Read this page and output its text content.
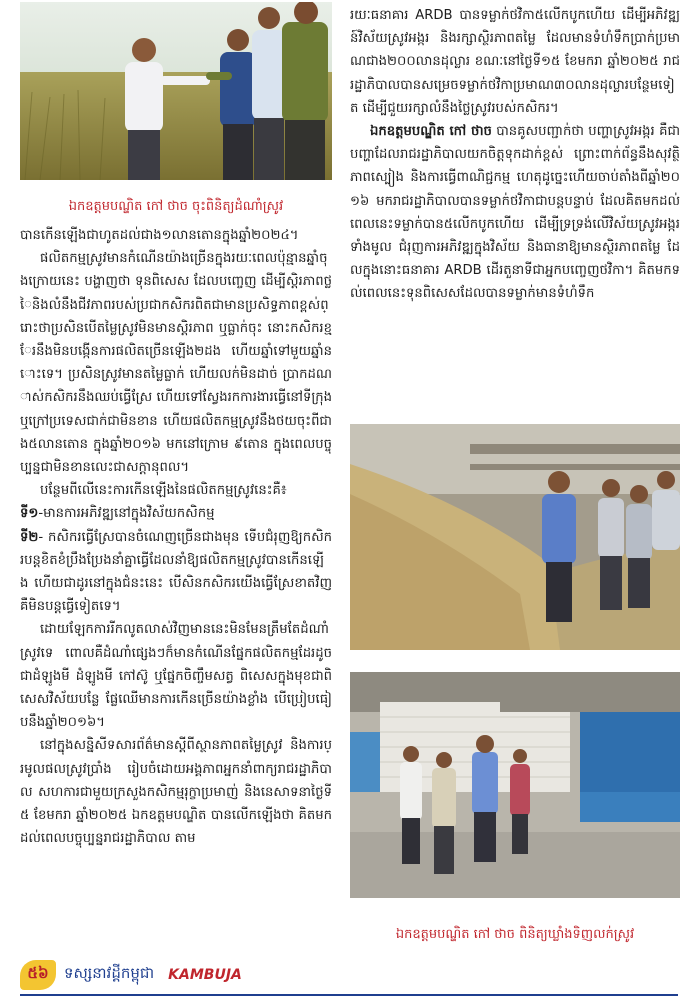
ឯកឧត្តមបណ្ឌិត កៅ ថាច ចុះពិនិត្យដំណាំស្រូវ

បានកើនឡើងជាហូតដល់ជាង១លានតោនក្នុងឆ្នាំ២០២៤។

ផលិតកម្មស្រូវមានកំណើនយ៉ាងច្រើនក្នុងរយៈពេលប៉ុន្មានឆ្នាំចុងក្រោយនេះ បង្ហាញថា ទុនពិសេស ដែលបញ្ចេញ ដើម្បីស្តិរភាពថ្លៃនិងលំនឹងជីវភាពរបស់ប្រជាកសិករពិតជាមានប្រសិទ្ធភាពខ្ពស់ព្រោះថាប្រសិនបើតម្លៃស្រូវមិនមានស្តិរភាព ឬធ្លាក់ចុះ នោះកសិករខ្មែរនឹងមិនបង្កើនការផលិតច្រើនឡើង២ដង ហើយឆ្នាំទៅមួយឆ្នាំនោះទេ។ ប្រសិនស្រូវមានតម្លៃធ្លាក់ ហើយលក់មិនដាច់ ប្រាកដណាស់កសិករនឹងឈប់ធ្វើស្រែ ហើយទៅស្វែងរកការងារធ្វើនៅទីក្រុង ឬក្រៅប្រទេសជាក់ជាមិនខាន ហើយផលិតកម្មស្រូវនឹងថយចុះពីជាង៥លានតោន ក្នុងឆ្នាំ២០១៦ មកនៅក្រោម ៩តោន ក្នុងពេលបច្ចុប្បន្នជាមិនខានលេះជាសក្តានុពល។

បន្ថែមពីលើនេះការកើនឡើងនៃផលិតកម្មស្រូវនេះគឺ៖

ទី១-មានការអភិវឌ្ឍនៅក្នុងវិស័យកសិកម្ម

ទី២- កសិករធ្វើស្រែបានចំណេញច្រើនជាងមុន ទើបជំរុញឱ្យកសិករបន្តខិតខំប្រឹងប្រែងនាំគ្នាធ្វើដែលនាំឱ្យផលិតកម្មស្រូវបានកើនឡើង ហើយជាដូរនៅក្នុងជំនះនេះ បើសិនកសិករយើងធ្វើស្រែខាតវិញ គឺមិនបន្តធ្វើទៀតទេ។

ដោយឡែកការរីកលូតលាស់វិញមាននេះមិនមែនត្រឹមតែដំណាំស្រូវទេ ពោលគឺដំណាំផ្សេងៗក៏មានកំណើនផ្នែកផលិតកម្មដែរដូចជាដំឡូងមី ដំឡូងមី កៅស៊ូ ឬផ្នែកចិញ្ចឹមសត្វ ពិសេសក្នុងមុខជាពិសេសវិស័យបន្លែ ផ្លែឈើមានការកើនច្រើនយ៉ាងខ្លាំង បើប្រៀបធៀបនឹងឆ្នាំ២០១៦។

នៅក្នុងសន្និសីទសារព័ត៌មានស្តីពីស្ថានភាពតម្លៃស្រូវ និងការប្រមូលផលស្រូវប្រាំង រៀបចំដោយអង្គភាពអ្នកនាំពាក្យរាជរដ្ឋាភិបាល សហការជាមួយក្រសួងកសិកម្មរុក្ខាប្រមាញ់ និងនេសាទនាថ្ងៃទី៥ ខែមករា ឆ្នាំ២០២៥ ឯកឧត្តមបណ្ឌិត បានលើកឡើងថា គិតមកដល់ពេលបច្ចុប្បន្នរាជរដ្ឋាភិបាល តាម

រយៈធនាគារ ARDB បានទម្លាក់ថវិកា៥លើកបូកហើយ ដើម្បីអភិវឌ្ឍន៍វិស័យស្រូវអង្ករ និងរក្សាស្ថិរភាពតម្លៃ ដែលមានទំហំទឹកប្រាក់ប្រមាណជាង២០០លានដុល្លារ ខណៈនៅថ្ងៃទី១៥ ខែមករា ឆ្នាំ២០២៥ រាជរដ្ឋាភិបាលបានសម្រេចទម្លាក់ថវិកាប្រមាណ៣០លានដុល្លារបន្ថែមទៀត ដើម្បីជួយរក្សាលំនឹងថ្លៃស្រូវរបស់កសិករ។

ឯកឧត្តមបណ្ឌិត កៅ ថាច បានគូសបញ្ជាក់ថា បញ្ហាស្រូវអង្ករ គឺជាបញ្ហាដែលរាជរដ្ឋាភិបាលយកចិត្តទុកដាក់ខ្ពស់ ព្រោះពាក់ព័ន្ធនឹងសុវត្ថិភាពស្បៀង និងការធ្វើពាណិជ្ជកម្ម ហេតុដូច្នេះហើយចាប់តាំងពីឆ្នាំ២០១៦ មករាជរដ្ឋាភិបាលបានទម្លាក់ថវិកាជាបន្តបន្ទាប់ ដែលគិតមកដល់ពេលនេះទម្លាក់បាន៥លើកបូកហើយ ដើម្បីទ្រទ្រង់លើវិស័យស្រូវអង្ករទាំងមូល ជំរុញការអភិវឌ្ឍក្នុងវិស័យ និងធានាឱ្យមានស្ថិរភាពតម្លៃ ដែលក្នុងនោះធនាគារ ARDB ដើរតួនាទីជាអ្នកបញ្ចេញថវិកា។ គិតមកទល់ពេលនេះទុនពិសេសដែលបានទម្លាក់មានទំហំទឹក

ឯកឧត្តមបណ្ឌិត កៅ ថាច ពិនិត្យឃ្លាំងទិញលក់ស្រូវ
៥៦	ទស្សនាវដ្តីកម្ពុជា KAMBUJA
